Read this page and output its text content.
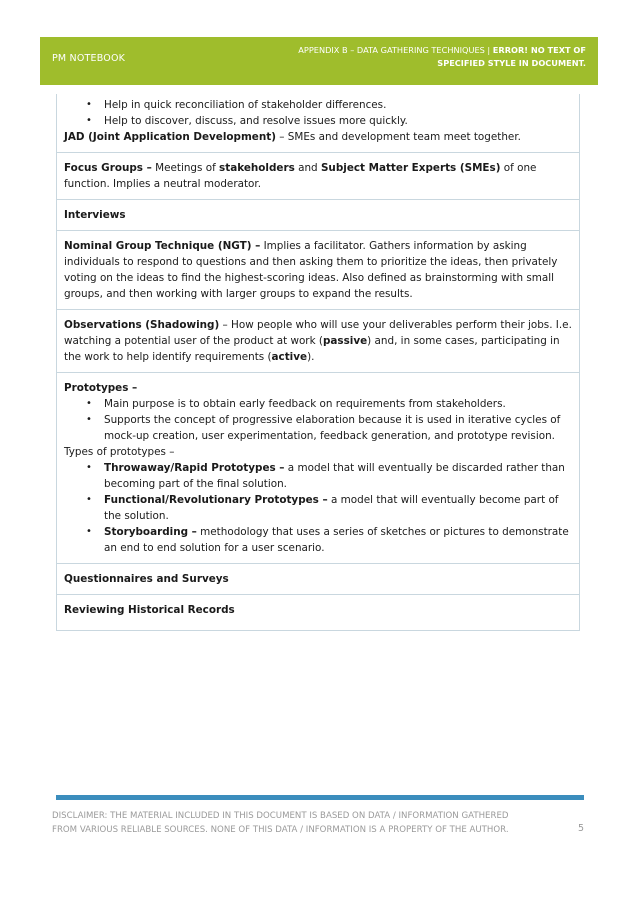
PM NOTEBOOK
APPENDIX B – DATA GATHERING TECHNIQUES | ERROR! NO TEXT OF SPECIFIED STYLE IN DOCUMENT.
• Help in quick reconciliation of stakeholder differences.
• Help to discover, discuss, and resolve issues more quickly.

JAD (Joint Application Development) – SMEs and development team meet together.

Focus Groups – Meetings of stakeholders and Subject Matter Experts (SMEs) of one function. Implies a neutral moderator.

Interviews

Nominal Group Technique (NGT) – Implies a facilitator. Gathers information by asking individuals to respond to questions and then asking them to prioritize the ideas, then privately voting on the ideas to find the highest-scoring ideas. Also defined as brainstorming with small groups, and then working with larger groups to expand the results.

Observations (Shadowing) – How people who will use your deliverables perform their jobs. I.e. watching a potential user of the product at work (passive) and, in some cases, participating in the work to help identify requirements (active).

Prototypes –

• Main purpose is to obtain early feedback on requirements from stakeholders.
• Supports the concept of progressive elaboration because it is used in iterative cycles of mock-up creation, user experimentation, feedback generation, and prototype revision.

Types of prototypes –

• Throwaway/Rapid Prototypes – a model that will eventually be discarded rather than becoming part of the final solution.
• Functional/Revolutionary Prototypes – a model that will eventually become part of the solution.
• Storyboarding – methodology that uses a series of sketches or pictures to demonstrate an end to end solution for a user scenario.

Questionnaires and Surveys

Reviewing Historical Records

DISCLAIMER: THE MATERIAL INCLUDED IN THIS DOCUMENT IS BASED ON DATA / INFORMATION GATHERED FROM VARIOUS RELIABLE SOURCES. NONE OF THIS DATA / INFORMATION IS A PROPERTY OF THE AUTHOR.	5
